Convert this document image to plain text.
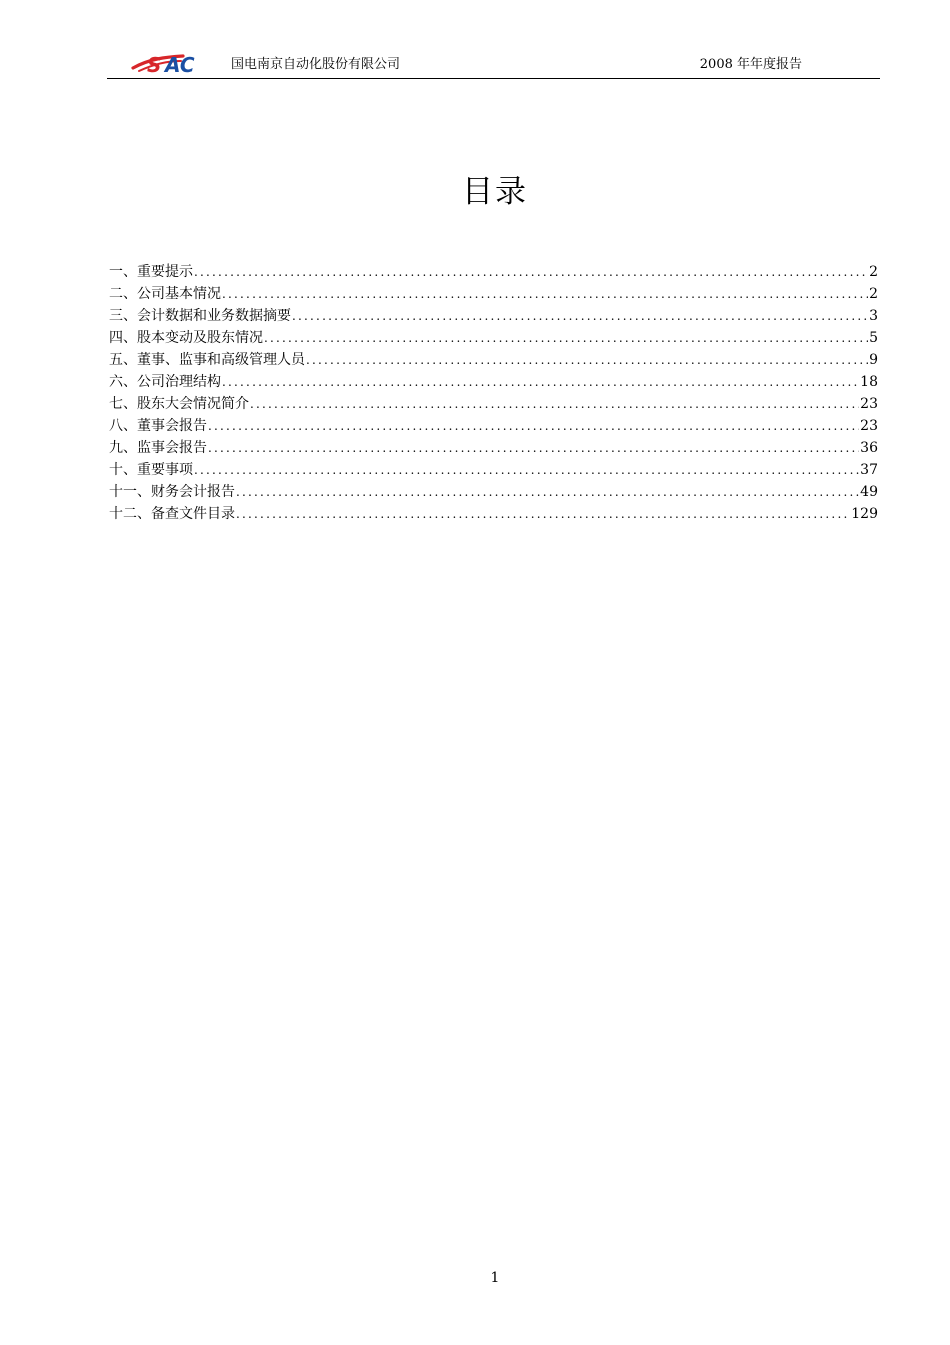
S AC	国电南京自动化股份有限公司	2008 年年度报告
目录
一、重要提示 .....	2
二、公司基本情况 .....	2
三、会计数据和业务数据摘要 .....	3
四、股本变动及股东情况 .....	5
五、董事、监事和高级管理人员 .....	9
六、公司治理结构 .....	18
七、股东大会情况简介 .....	23
八、董事会报告 .....	23
九、监事会报告 .....	36
十、重要事项 .....	37
十一、财务会计报告 .....	49
十二、备查文件目录 .....	129
1
